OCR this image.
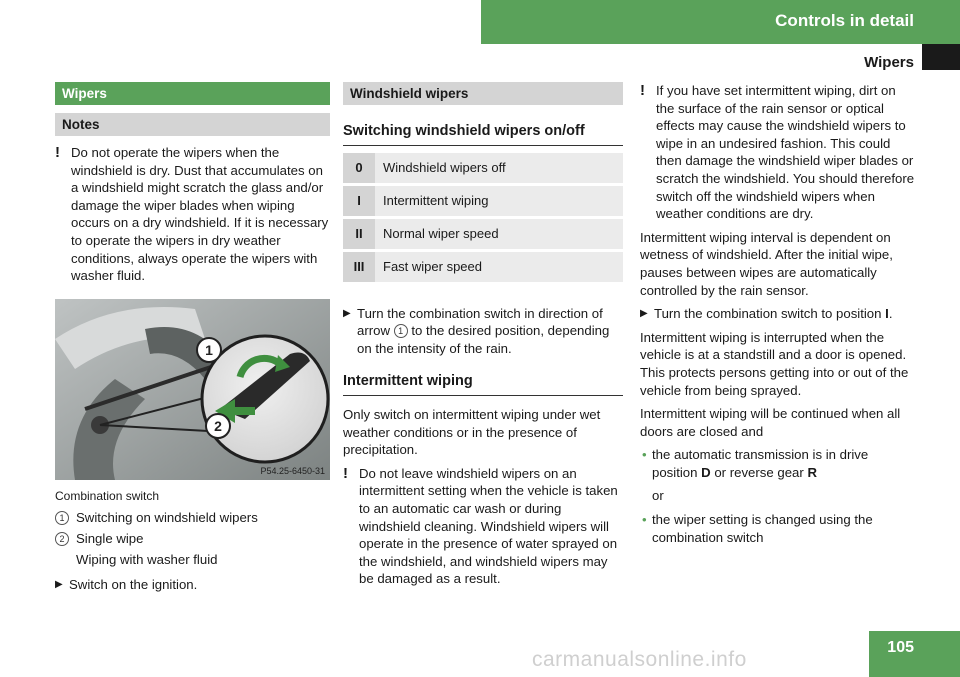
Controls in detail
Wipers
Wipers
Notes
! Do not operate the wipers when the windshield is dry. Dust that accumulates on a windshield might scratch the glass and/or damage the wiper blades when wiping occurs on a dry windshield. If it is necessary to operate the wipers in dry weather conditions, always operate the wipers with washer fluid.
1
2
P54.25-6450-31
Combination switch
1 Switching on windshield wipers
2 Single wipe
Wiping with washer fluid
▶ Switch on the ignition.
Windshield wipers
Switching windshield wipers on/off
0	Windshield wipers off
I	Intermittent wiping
II	Normal wiper speed
III	Fast wiper speed
▶ Turn the combination switch in direction of arrow 1 to the desired position, depending on the intensity of the rain.
Intermittent wiping

Only switch on intermittent wiping under wet weather conditions or in the presence of precipitation.

! Do not leave windshield wipers on an intermittent setting when the vehicle is taken to an automatic car wash or during windshield cleaning. Windshield wipers will operate in the presence of water sprayed on the windshield, and windshield wipers may be damaged as a result.
! If you have set intermittent wiping, dirt on the surface of the rain sensor or optical effects may cause the windshield wipers to wipe in an undesired fashion. This could then damage the windshield wiper blades or scratch the windshield. You should therefore switch off the windshield wipers when weather conditions are dry.

Intermittent wiping interval is dependent on wetness of windshield. After the initial wipe, pauses between wipes are automatically controlled by the rain sensor.

▶ Turn the combination switch to position I.

Intermittent wiping is interrupted when the vehicle is at a standstill and a door is opened. This protects persons getting into or out of the vehicle from being sprayed.

Intermittent wiping will be continued when all doors are closed and

• the automatic transmission is in drive position D or reverse gear R
or
• the wiper setting is changed using the combination switch
105
carmanualsonline.info
